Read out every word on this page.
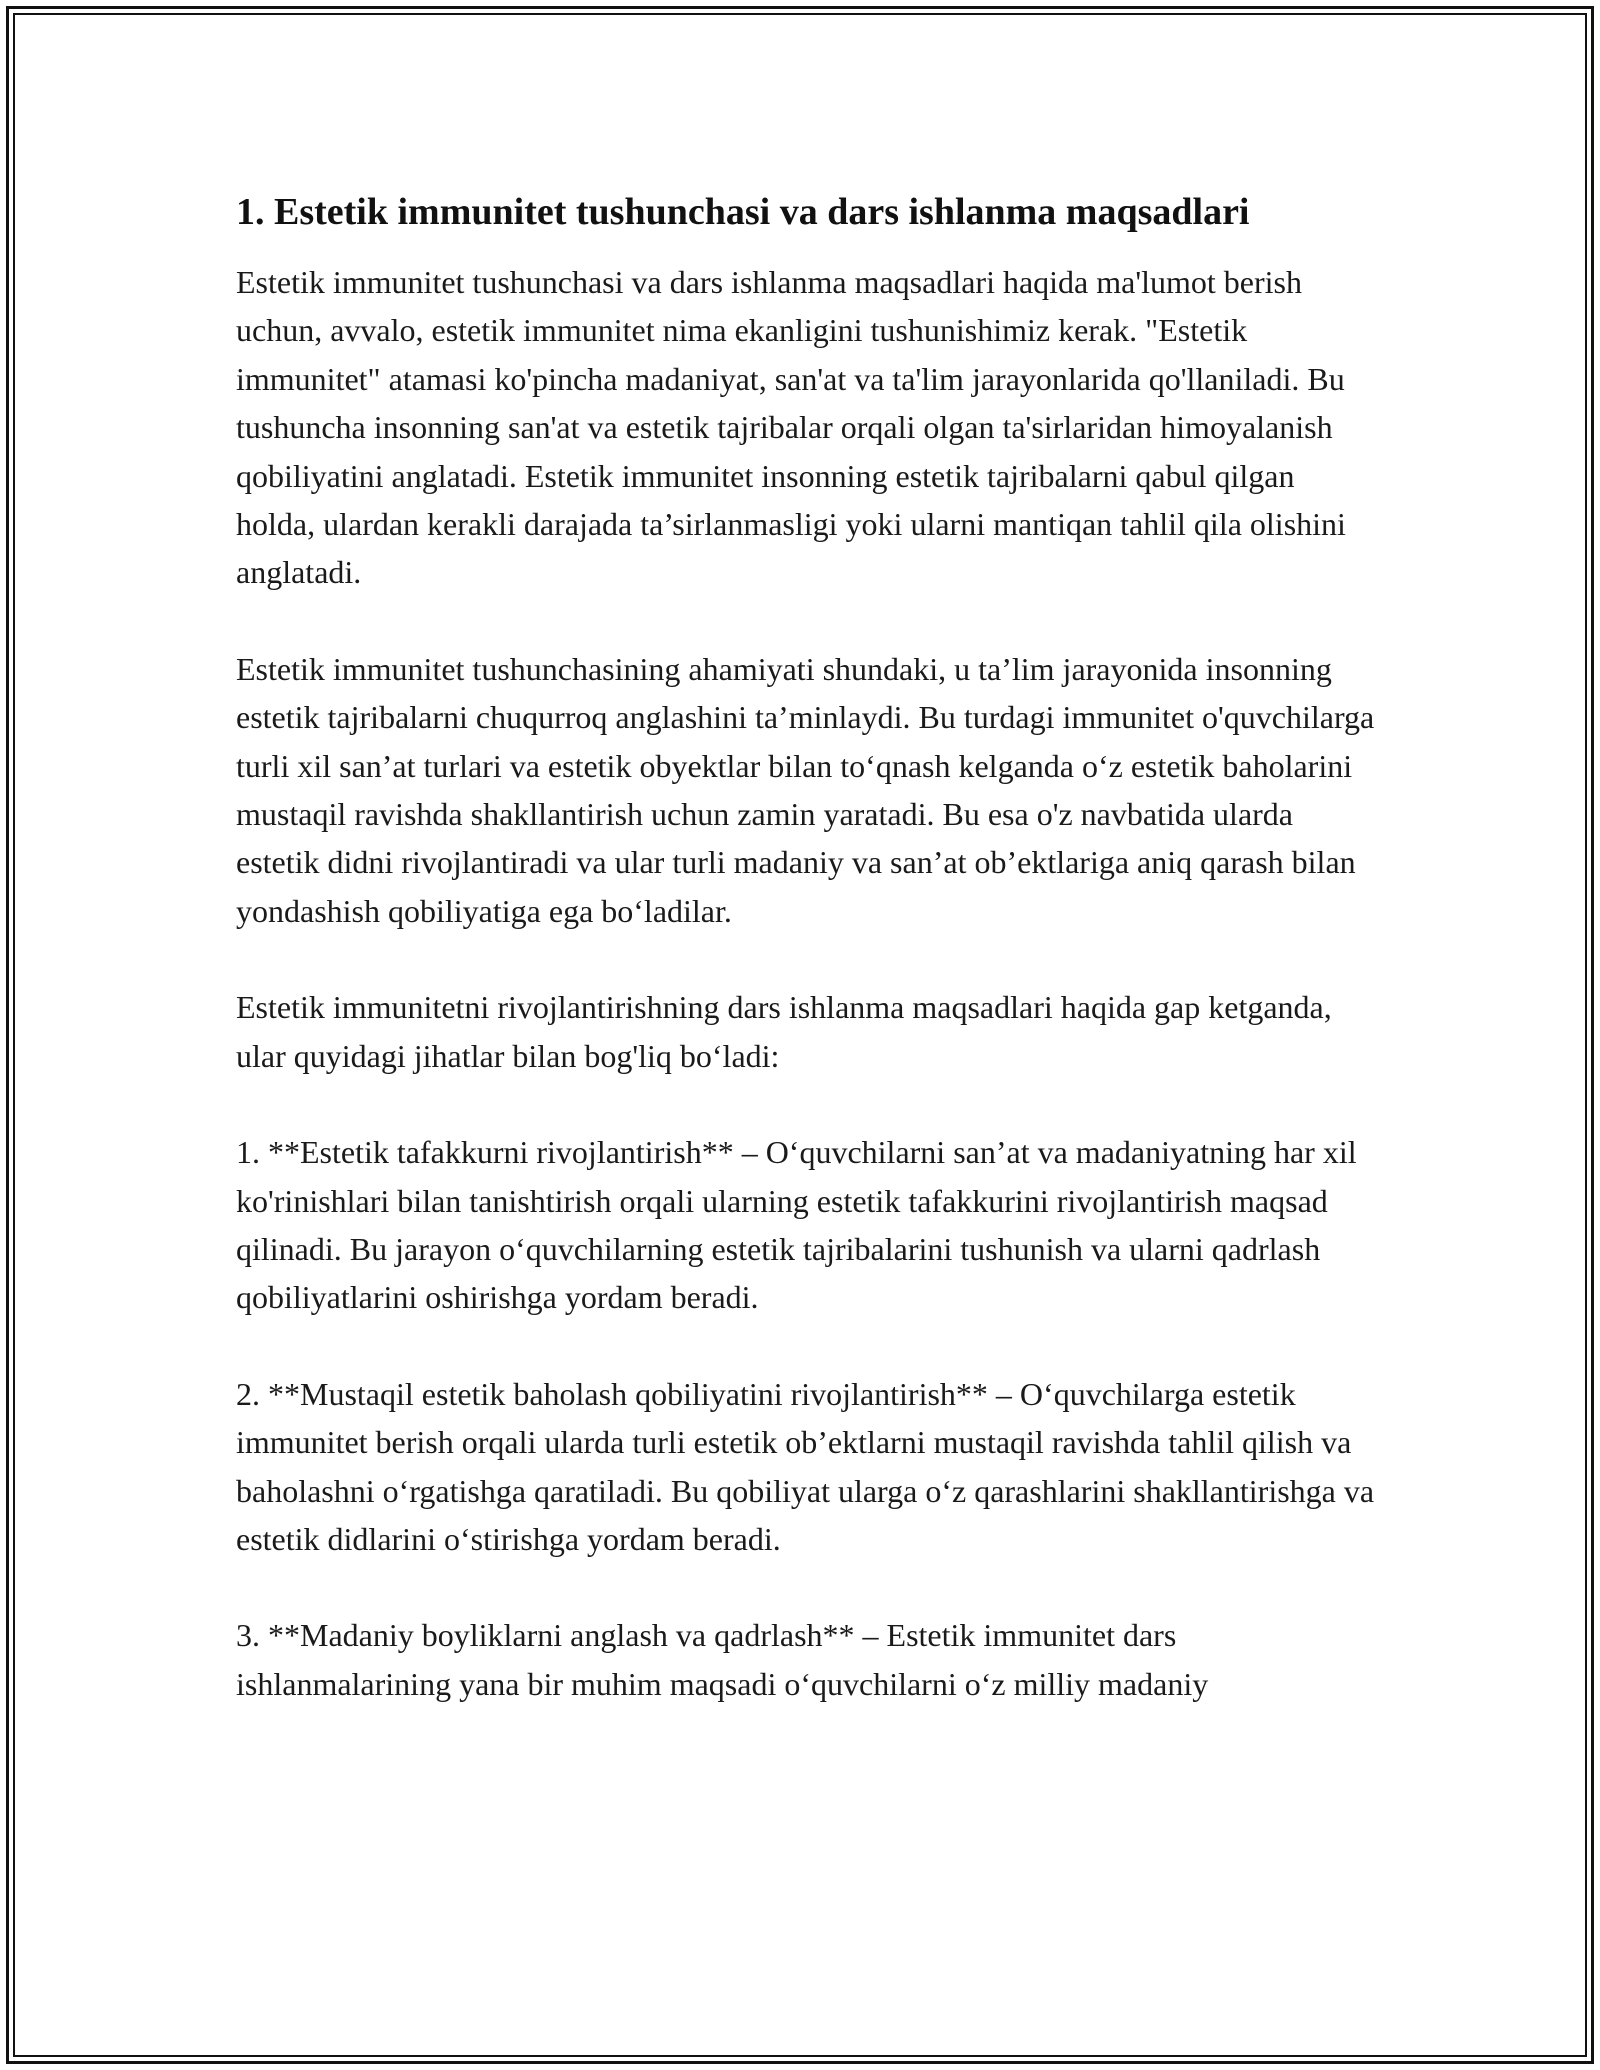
1. Estetik immunitet tushunchasi va dars ishlanma maqsadlari

Estetik immunitet tushunchasi va dars ishlanma maqsadlari haqida ma'lumot berish uchun, avvalo, estetik immunitet nima ekanligini tushunishimiz kerak. "Estetik immunitet" atamasi ko'pincha madaniyat, san'at va ta'lim jarayonlarida qo'llaniladi. Bu tushuncha insonning san'at va estetik tajribalar orqali olgan ta'sirlaridan himoyalanish qobiliyatini anglatadi. Estetik immunitet insonning estetik tajribalarni qabul qilgan holda, ulardan kerakli darajada ta’sirlanmasligi yoki ularni mantiqan tahlil qila olishini anglatadi.

Estetik immunitet tushunchasining ahamiyati shundaki, u ta’lim jarayonida insonning estetik tajribalarni chuqurroq anglashini ta’minlaydi. Bu turdagi immunitet o'quvchilarga turli xil san’at turlari va estetik obyektlar bilan to‘qnash kelganda o‘z estetik baholarini mustaqil ravishda shakllantirish uchun zamin yaratadi. Bu esa o'z navbatida ularda estetik didni rivojlantiradi va ular turli madaniy va san’at ob’ektlariga aniq qarash bilan yondashish qobiliyatiga ega bo‘ladilar.

Estetik immunitetni rivojlantirishning dars ishlanma maqsadlari haqida gap ketganda, ular quyidagi jihatlar bilan bog'liq bo‘ladi:

1. **Estetik tafakkurni rivojlantirish** – O‘quvchilarni san’at va madaniyatning har xil ko'rinishlari bilan tanishtirish orqali ularning estetik tafakkurini rivojlantirish maqsad qilinadi. Bu jarayon o‘quvchilarning estetik tajribalarini tushunish va ularni qadrlash qobiliyatlarini oshirishga yordam beradi.

2. **Mustaqil estetik baholash qobiliyatini rivojlantirish** – O‘quvchilarga estetik immunitet berish orqali ularda turli estetik ob’ektlarni mustaqil ravishda tahlil qilish va baholashni o‘rgatishga qaratiladi. Bu qobiliyat ularga o‘z qarashlarini shakllantirishga va estetik didlarini o‘stirishga yordam beradi.

3. **Madaniy boyliklarni anglash va qadrlash** – Estetik immunitet dars ishlanmalarining yana bir muhim maqsadi o‘quvchilarni o‘z milliy madaniy
